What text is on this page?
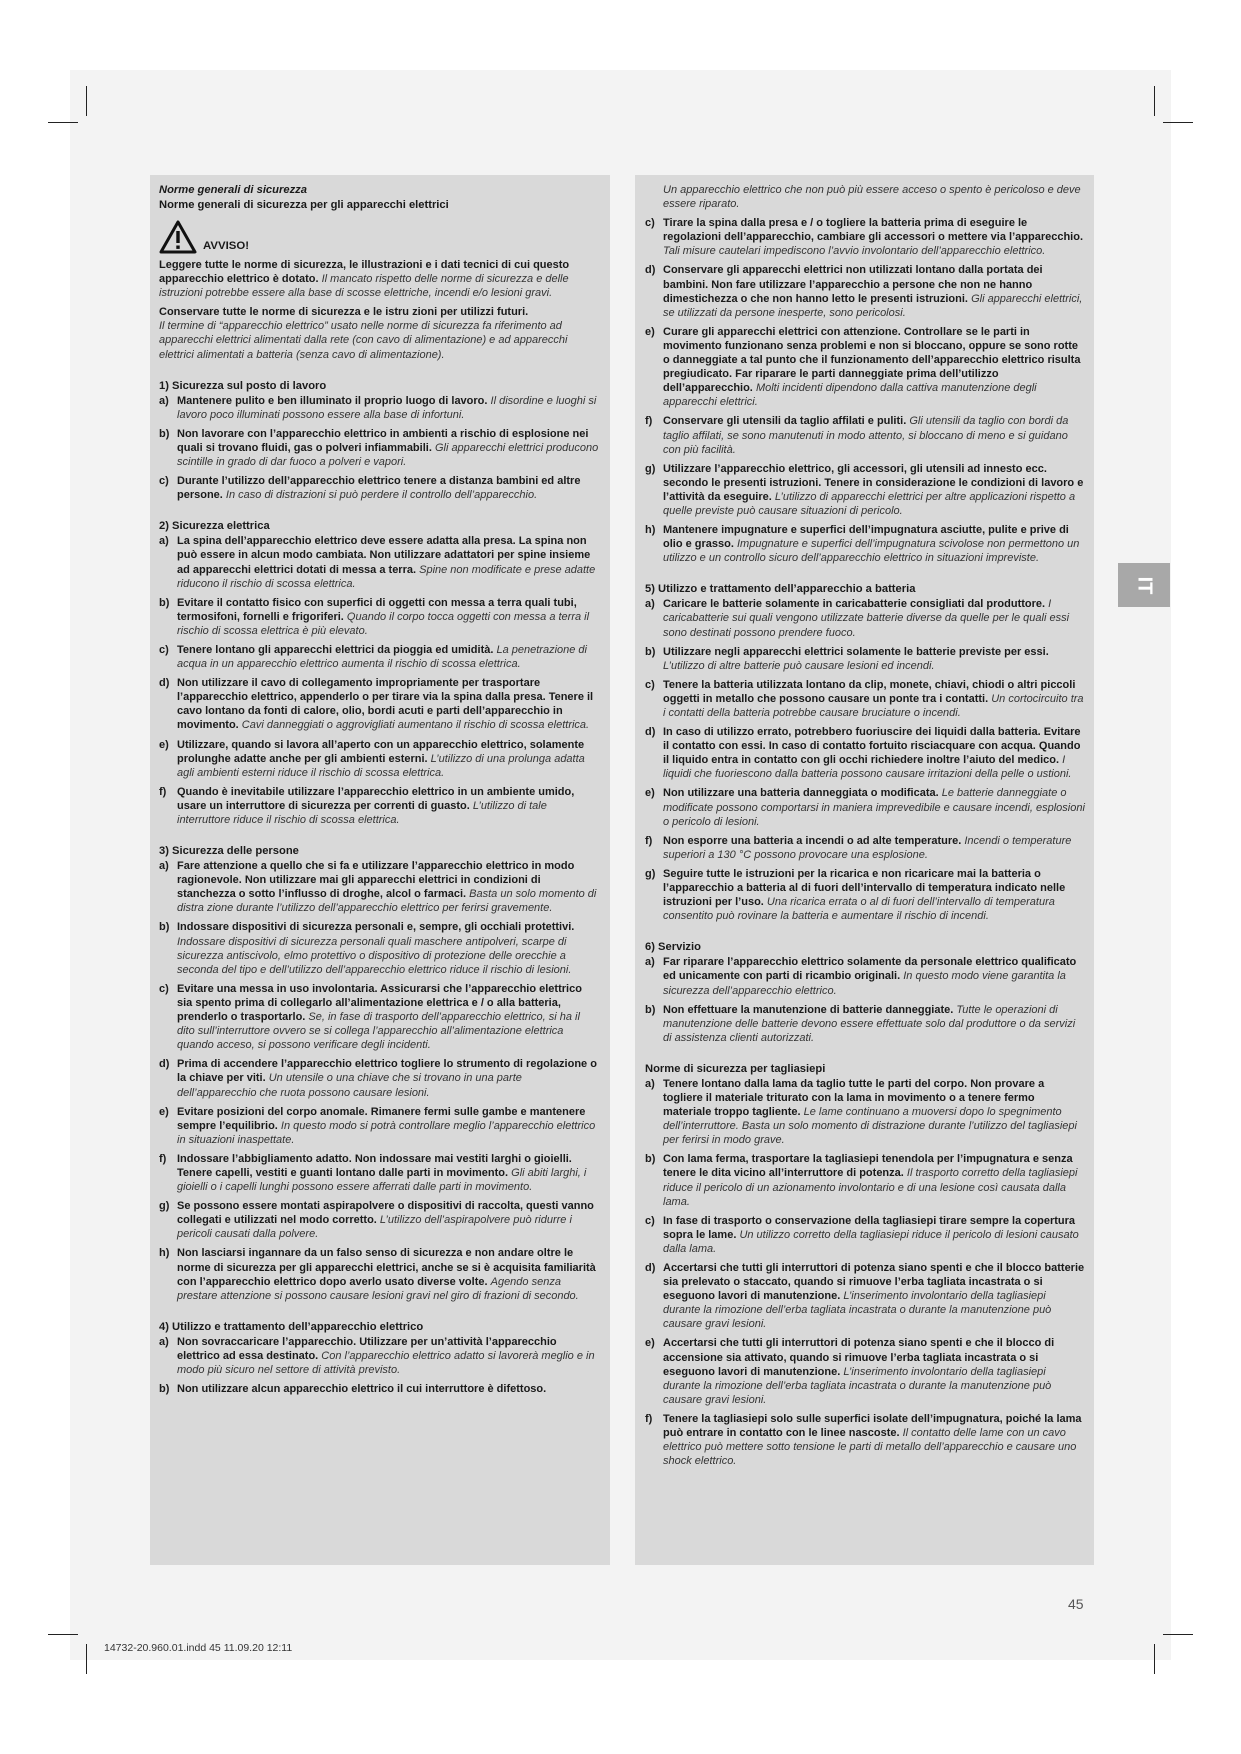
Norme generali di sicurezza
Norme generali di sicurezza per gli apparecchi elettrici
AVVISO!
Leggere tutte le norme di sicurezza, le illustrazioni e i dati tecnici di cui questo apparecchio elettrico è dotato. Il mancato rispetto delle norme di sicurezza e delle istruzioni potrebbe essere alla base di scosse elettriche, incendi e/o lesioni gravi.
Conservare tutte le norme di sicurezza e le istru zioni per utilizzi futuri.
Il termine di “apparecchio elettrico” usato nelle norme di sicurezza fa riferimento ad apparecchi elettrici alimentati dalla rete (con cavo di alimentazione) e ad apparecchi elettrici alimentati a batteria (senza cavo di alimentazione).
1) Sicurezza sul posto di lavoro
a) Mantenere pulito e ben illuminato il proprio luogo di lavoro. Il disordine e luoghi si lavoro poco illuminati possono essere alla base di infortuni.
b) Non lavorare con l’apparecchio elettrico in ambienti a rischio di esplosione nei quali si trovano fluidi, gas o polveri infiammabili. Gli apparecchi elettrici producono scintille in grado di dar fuoco a polveri e vapori.
c) Durante l’utilizzo dell’apparecchio elettrico tenere a distanza bambini ed altre persone. In caso di distrazioni si può perdere il controllo dell’apparecchio.
2) Sicurezza elettrica
a) La spina dell’apparecchio elettrico deve essere adatta alla presa. La spina non può essere in alcun modo cambiata. Non utilizzare adattatori per spine insieme ad apparecchi elettrici dotati di messa a terra. Spine non modificate e prese adatte riducono il rischio di scossa elettrica.
b) Evitare il contatto fisico con superfici di oggetti con messa a terra quali tubi, termosifoni, fornelli e frigoriferi. Quando il corpo tocca oggetti con messa a terra il rischio di scossa elettrica è più elevato.
c) Tenere lontano gli apparecchi elettrici da pioggia ed umidità. La penetrazione di acqua in un apparecchio elettrico aumenta il rischio di scossa elettrica.
d) Non utilizzare il cavo di collegamento impropriamente per trasportare l’apparecchio elettrico, appenderlo o per tirare via la spina dalla presa. Tenere il cavo lontano da fonti di calore, olio, bordi acuti e parti dell’apparecchio in movimento. Cavi danneggiati o aggrovigliati aumentano il rischio di scossa elettrica.
e) Utilizzare, quando si lavora all’aperto con un apparecchio elettrico, solamente prolunghe adatte anche per gli ambienti esterni. L’utilizzo di una prolunga adatta agli ambienti esterni riduce il rischio di scossa elettrica.
f) Quando è inevitabile utilizzare l’apparecchio elettrico in un ambiente umido, usare un interruttore di sicurezza per correnti di guasto. L’utilizzo di tale interruttore riduce il rischio di scossa elettrica.
3) Sicurezza delle persone
a) Fare attenzione a quello che si fa e utilizzare l’apparecchio elettrico in modo ragionevole. Non utilizzare mai gli apparecchi elettrici in condizioni di stanchezza o sotto l’influsso di droghe, alcol o farmaci. Basta un solo momento di distra zione durante l’utilizzo dell’apparecchio elettrico per ferirsi gravemente.
b) Indossare dispositivi di sicurezza personali e, sempre, gli occhiali protettivi. Indossare dispositivi di sicurezza personali quali maschere antipolveri, scarpe di sicurezza antiscivolo, elmo protettivo o dispositivo di protezione delle orecchie a seconda del tipo e dell’utilizzo dell’apparecchio elettrico riduce il rischio di lesioni.
c) Evitare una messa in uso involontaria. Assicurarsi che l’apparecchio elettrico sia spento prima di collegarlo all’alimentazione elettrica e / o alla batteria, prenderlo o trasportarlo. Se, in fase di trasporto dell’apparecchio elettrico, si ha il dito sull’interruttore ovvero se si collega l’apparecchio all’alimentazione elettrica quando acceso, si possono verificare degli incidenti.
d) Prima di accendere l’apparecchio elettrico togliere lo strumento di regolazione o la chiave per viti. Un utensile o una chiave che si trovano in una parte dell’apparecchio che ruota possono causare lesioni.
e) Evitare posizioni del corpo anomale. Rimanere fermi sulle gambe e mantenere sempre l’equilibrio. In questo modo si potrà controllare meglio l’apparecchio elettrico in situazioni inaspettate.
f) Indossare l’abbigliamento adatto. Non indossare mai vestiti larghi o gioielli. Tenere capelli, vestiti e guanti lontano dalle parti in movimento. Gli abiti larghi, i gioielli o i capelli lunghi possono essere afferrati dalle parti in movimento.
g) Se possono essere montati aspirapolvere o dispositivi di raccolta, questi vanno collegati e utilizzati nel modo corretto. L’utilizzo dell’aspirapolvere può ridurre i pericoli causati dalla polvere.
h) Non lasciarsi ingannare da un falso senso di sicurezza e non andare oltre le norme di sicurezza per gli apparecchi elettrici, anche se si è acquisita familiarità con l’apparecchio elettrico dopo averlo usato diverse volte. Agendo senza prestare attenzione si possono causare lesioni gravi nel giro di frazioni di secondo.
4) Utilizzo e trattamento dell’apparecchio elettrico
a) Non sovraccaricare l’apparecchio. Utilizzare per un’attività l’apparecchio elettrico ad essa destinato. Con l’apparecchio elettrico adatto si lavorerà meglio e in modo più sicuro nel settore di attività previsto.
b) Non utilizzare alcun apparecchio elettrico il cui interruttore è difettoso.
Un apparecchio elettrico che non può più essere acceso o spento è pericoloso e deve essere riparato.
c) Tirare la spina dalla presa e / o togliere la batteria prima di eseguire le regolazioni dell’apparecchio, cambiare gli accessori o mettere via l’apparecchio. Tali misure cautelari impediscono l’avvio involontario dell’apparecchio elettrico.
d) Conservare gli apparecchi elettrici non utilizzati lontano dalla portata dei bambini. Non fare utilizzare l’apparecchio a persone che non ne hanno dimestichezza o che non hanno letto le presenti istruzioni. Gli apparecchi elettrici, se utilizzati da persone inesperte, sono pericolosi.
e) Curare gli apparecchi elettrici con attenzione. Controllare se le parti in movimento funzionano senza problemi e non si bloccano, oppure se sono rotte o danneggiate a tal punto che il funzionamento dell’apparecchio elettrico risulta pregiudicato. Far riparare le parti danneggiate prima dell’utilizzo dell’apparecchio. Molti incidenti dipendono dalla cattiva manutenzione degli apparecchi elettrici.
f) Conservare gli utensili da taglio affilati e puliti. Gli utensili da taglio con bordi da taglio affilati, se sono manutenuti in modo attento, si bloccano di meno e si guidano con più facilità.
g) Utilizzare l’apparecchio elettrico, gli accessori, gli utensili ad innesto ecc. secondo le presenti istruzioni. Tenere in considerazione le condizioni di lavoro e l’attività da eseguire. L’utilizzo di apparecchi elettrici per altre applicazioni rispetto a quelle previste può causare situazioni di pericolo.
h) Mantenere impugnature e superfici dell’impugnatura asciutte, pulite e prive di olio e grasso. Impugnature e superfici dell’impugnatura scivolose non permettono un utilizzo e un controllo sicuro dell’apparecchio elettrico in situazioni impreviste.
5) Utilizzo e trattamento dell’apparecchio a batteria
a) Caricare le batterie solamente in caricabatterie consigliati dal produttore. I caricabatterie sui quali vengono utilizzate batterie diverse da quelle per le quali essi sono destinati possono prendere fuoco.
b) Utilizzare negli apparecchi elettrici solamente le batterie previste per essi. L’utilizzo di altre batterie può causare lesioni ed incendi.
c) Tenere la batteria utilizzata lontano da clip, monete, chiavi, chiodi o altri piccoli oggetti in metallo che possono causare un ponte tra i contatti. Un cortocircuito tra i contatti della batteria potrebbe causare bruciature o incendi.
d) In caso di utilizzo errato, potrebbero fuoriuscire dei liquidi dalla batteria. Evitare il contatto con essi. In caso di contatto fortuito risciacquare con acqua. Quando il liquido entra in contatto con gli occhi richiedere inoltre l’aiuto del medico. I liquidi che fuoriescono dalla batteria possono causare irritazioni della pelle o ustioni.
e) Non utilizzare una batteria danneggiata o modificata. Le batterie danneggiate o modificate possono comportarsi in maniera imprevedibile e causare incendi, esplosioni o pericolo di lesioni.
f) Non esporre una batteria a incendi o ad alte temperature. Incendi o temperature superiori a 130 °C possono provocare una esplosione.
g) Seguire tutte le istruzioni per la ricarica e non ricaricare mai la batteria o l’apparecchio a batteria al di fuori dell’intervallo di temperatura indicato nelle istruzioni per l’uso. Una ricarica errata o al di fuori dell’intervallo di temperatura consentito può rovinare la batteria e aumentare il rischio di incendi.
6) Servizio
a) Far riparare l’apparecchio elettrico solamente da personale elettrico qualificato ed unicamente con parti di ricambio originali. In questo modo viene garantita la sicurezza dell’apparecchio elettrico.
b) Non effettuare la manutenzione di batterie danneggiate. Tutte le operazioni di manutenzione delle batterie devono essere effettuate solo dal produttore o da servizi di assistenza clienti autorizzati.
Norme di sicurezza per tagliasiepi
a) Tenere lontano dalla lama da taglio tutte le parti del corpo. Non provare a togliere il materiale triturato con la lama in movimento o a tenere fermo materiale troppo tagliente. Le lame continuano a muoversi dopo lo spegnimento dell’interruttore. Basta un solo momento di distrazione durante l’utilizzo del tagliasiepi per ferirsi in modo grave.
b) Con lama ferma, trasportare la tagliasiepi tenendola per l’impugnatura e senza tenere le dita vicino all’interruttore di potenza. Il trasporto corretto della tagliasiepi riduce il pericolo di un azionamento involontario e di una lesione così causata dalla lama.
c) In fase di trasporto o conservazione della tagliasiepi tirare sempre la copertura sopra le lame. Un utilizzo corretto della tagliasiepi riduce il pericolo di lesioni causato dalla lama.
d) Accertarsi che tutti gli interruttori di potenza siano spenti e che il blocco batterie sia prelevato o staccato, quando si rimuove l’erba tagliata incastrata o si eseguono lavori di manutenzione. L’inserimento involontario della tagliasiepi durante la rimozione dell’erba tagliata incastrata o durante la manutenzione può causare gravi lesioni.
e) Accertarsi che tutti gli interruttori di potenza siano spenti e che il blocco di accensione sia attivato, quando si rimuove l’erba tagliata incastrata o si eseguono lavori di manutenzione. L’inserimento involontario della tagliasiepi durante la rimozione dell’erba tagliata incastrata o durante la manutenzione può causare gravi lesioni.
f) Tenere la tagliasiepi solo sulle superfici isolate dell’impugnatura, poiché la lama può entrare in contatto con le linee nascoste. Il contatto delle lame con un cavo elettrico può mettere sotto tensione le parti di metallo dell’apparecchio e causare uno shock elettrico.
IT
45
14732-20.960.01.indd 45 11.09.20 12:11
